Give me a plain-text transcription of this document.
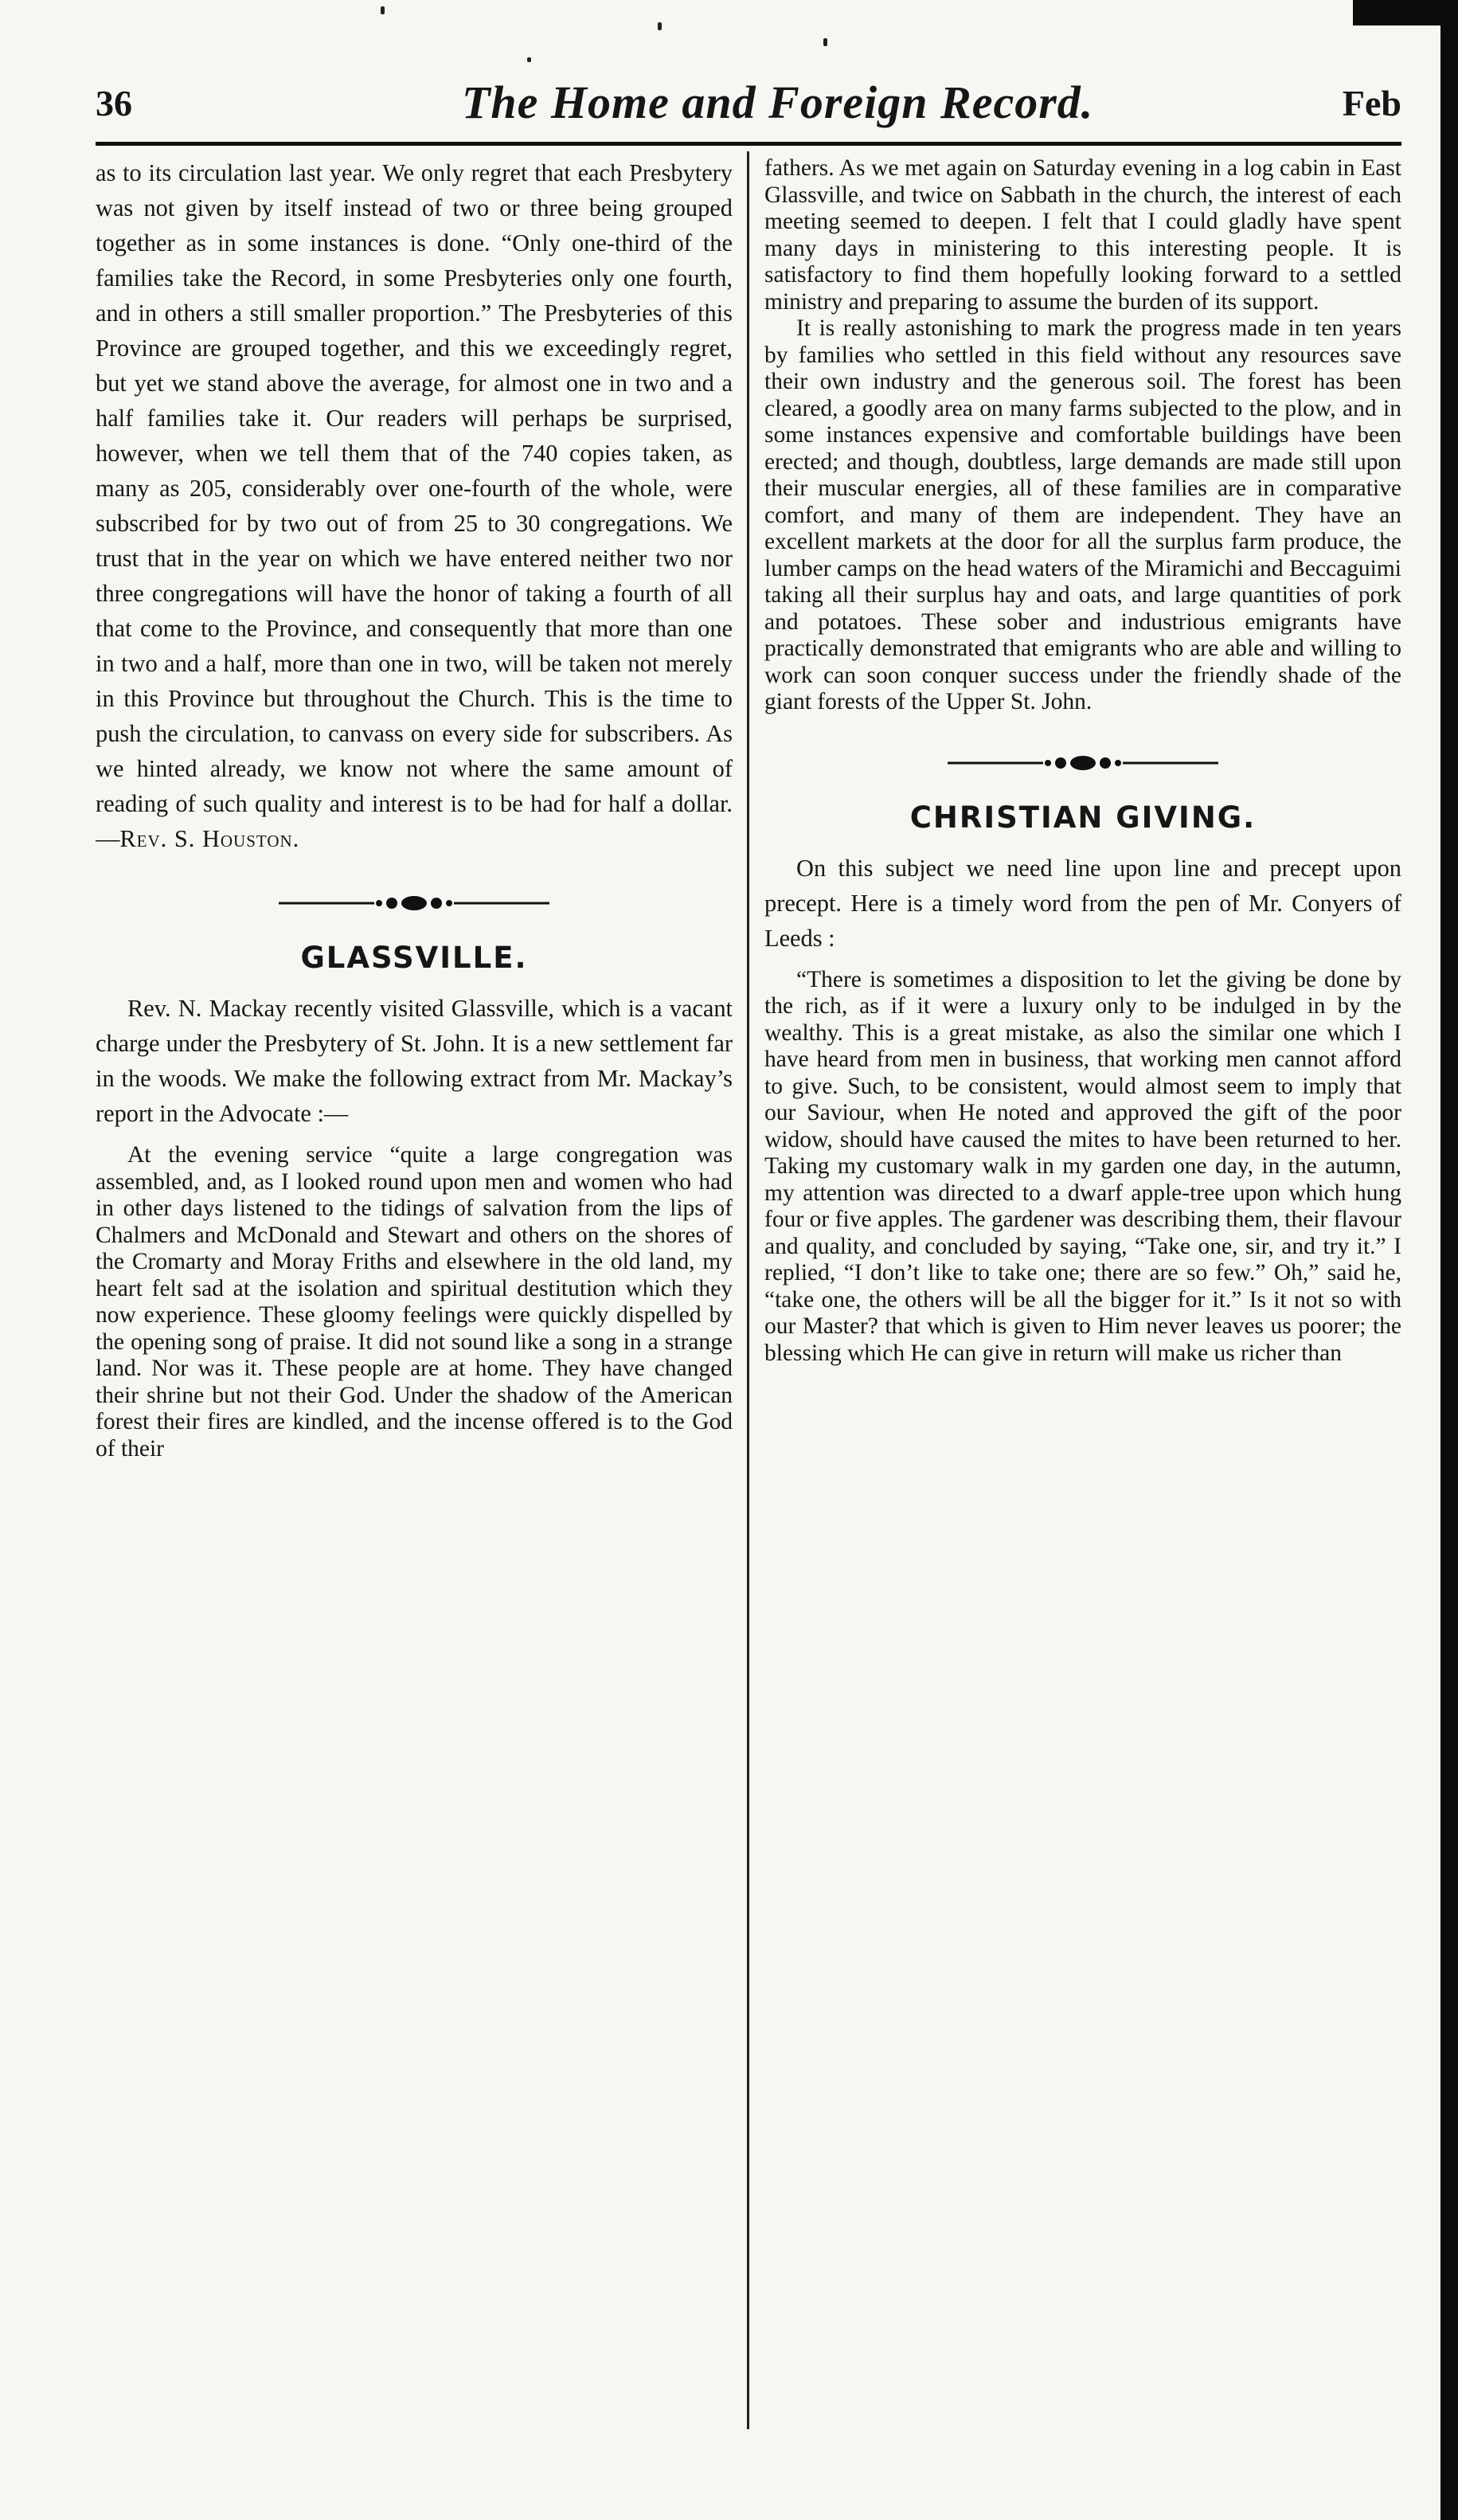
36	The Home and Foreign Record.	Feb

as to its circulation last year. We only regret that each Presbytery was not given by itself instead of two or three being grouped together as in some instances is done. “Only one-third of the families take the Record, in some Presbyteries only one fourth, and in others a still smaller proportion.” The Presbyteries of this Province are grouped together, and this we exceedingly regret, but yet we stand above the average, for almost one in two and a half families take it. Our readers will perhaps be surprised, however, when we tell them that of the 740 copies taken, as many as 205, considerably over one-fourth of the whole, were subscribed for by two out of from 25 to 30 congregations. We trust that in the year on which we have entered neither two nor three congregations will have the honor of taking a fourth of all that come to the Province, and consequently that more than one in two and a half, more than one in two, will be taken not merely in this Province but throughout the Church. This is the time to push the circulation, to canvass on every side for subscribers. As we hinted already, we know not where the same amount of reading of such quality and interest is to be had for half a dollar.—Rev. S. Houston.

GLASSVILLE.

Rev. N. Mackay recently visited Glassville, which is a vacant charge under the Presbytery of St. John. It is a new settlement far in the woods. We make the following extract from Mr. Mackay’s report in the Advocate :—

At the evening service “quite a large congregation was assembled, and, as I looked round upon men and women who had in other days listened to the tidings of salvation from the lips of Chalmers and McDonald and Stewart and others on the shores of the Cromarty and Moray Friths and elsewhere in the old land, my heart felt sad at the isolation and spiritual destitution which they now experience. These gloomy feelings were quickly dispelled by the opening song of praise. It did not sound like a song in a strange land. Nor was it. These people are at home. They have changed their shrine but not their God. Under the shadow of the American forest their fires are kindled, and the incense offered is to the God of their

fathers. As we met again on Saturday evening in a log cabin in East Glassville, and twice on Sabbath in the church, the interest of each meeting seemed to deepen. I felt that I could gladly have spent many days in ministering to this interesting people. It is satisfactory to find them hopefully looking forward to a settled ministry and preparing to assume the burden of its support.

It is really astonishing to mark the progress made in ten years by families who settled in this field without any resources save their own industry and the generous soil. The forest has been cleared, a goodly area on many farms subjected to the plow, and in some instances expensive and comfortable buildings have been erected; and though, doubtless, large demands are made still upon their muscular energies, all of these families are in comparative comfort, and many of them are independent. They have an excellent markets at the door for all the surplus farm produce, the lumber camps on the head waters of the Miramichi and Beccaguimi taking all their surplus hay and oats, and large quantities of pork and potatoes. These sober and industrious emigrants have practically demonstrated that emigrants who are able and willing to work can soon conquer success under the friendly shade of the giant forests of the Upper St. John.

CHRISTIAN GIVING.

On this subject we need line upon line and precept upon precept. Here is a timely word from the pen of Mr. Conyers of Leeds :

“There is sometimes a disposition to let the giving be done by the rich, as if it were a luxury only to be indulged in by the wealthy. This is a great mistake, as also the similar one which I have heard from men in business, that working men cannot afford to give. Such, to be consistent, would almost seem to imply that our Saviour, when He noted and approved the gift of the poor widow, should have caused the mites to have been returned to her. Taking my customary walk in my garden one day, in the autumn, my attention was directed to a dwarf apple-tree upon which hung four or five apples. The gardener was describing them, their flavour and quality, and concluded by saying, “Take one, sir, and try it.” I replied, “I don’t like to take one; there are so few.” Oh,” said he, “take one, the others will be all the bigger for it.” Is it not so with our Master? that which is given to Him never leaves us poorer; the blessing which He can give in return will make us richer than
